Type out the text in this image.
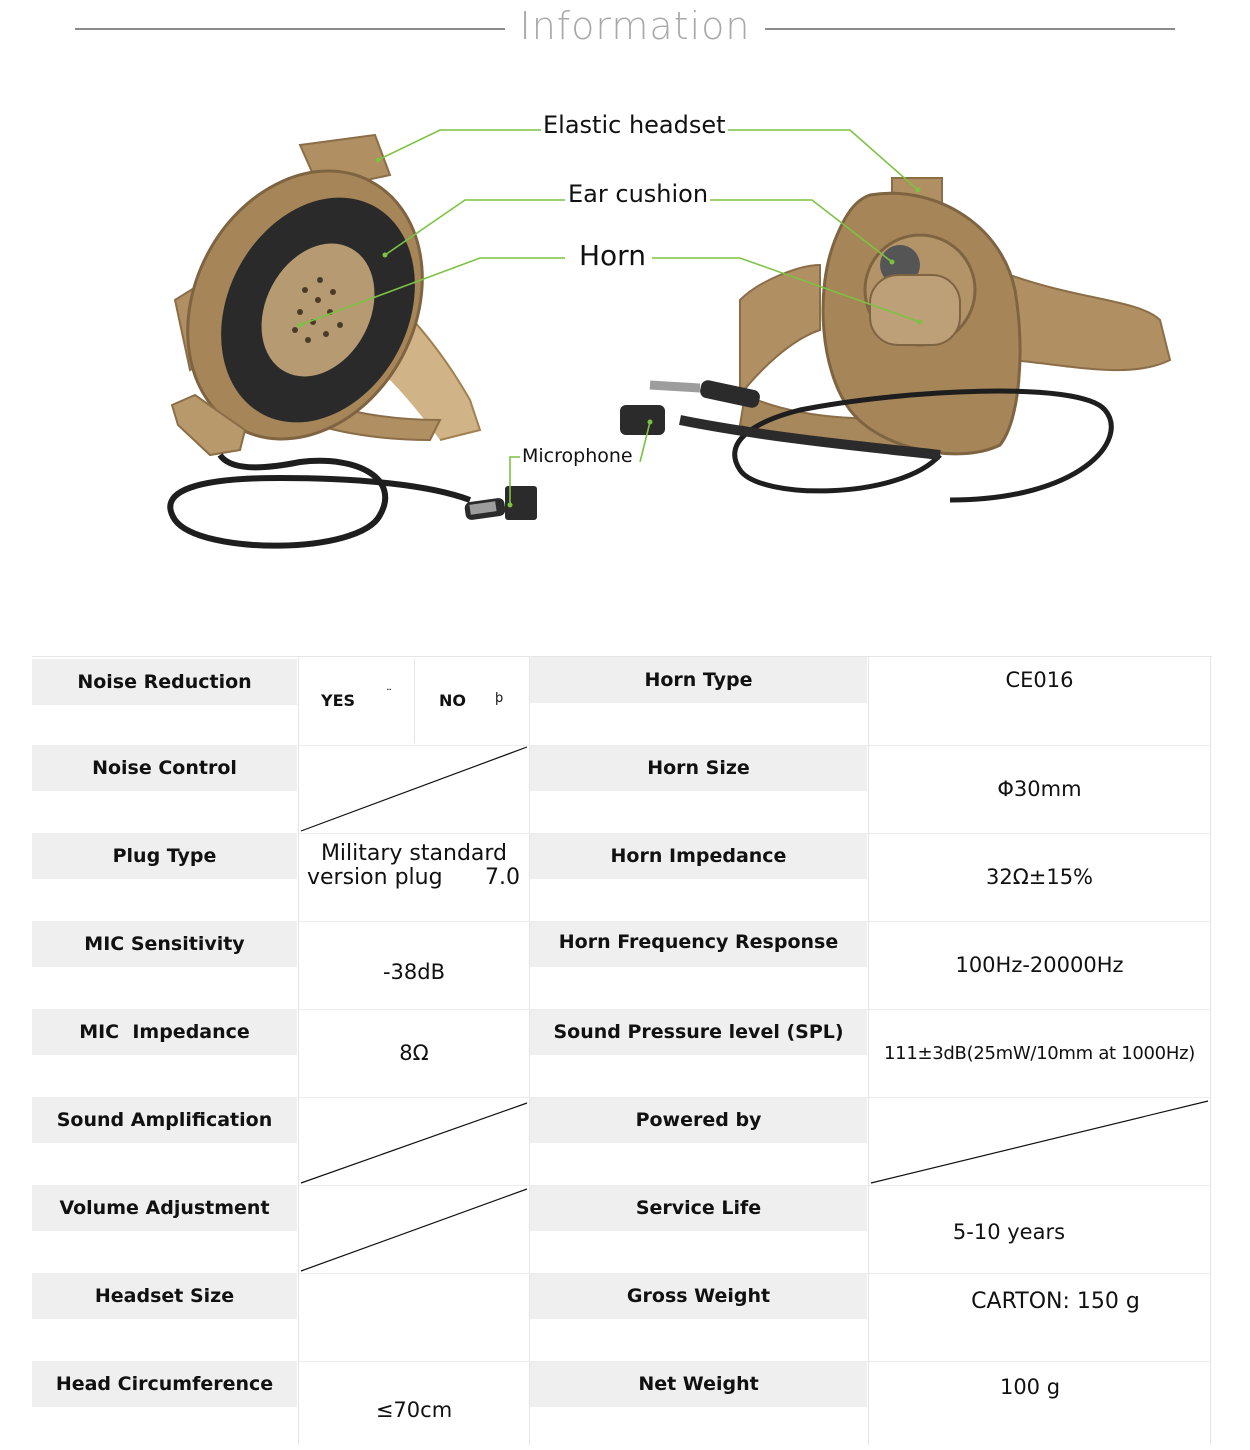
Information
Elastic headset
Ear cushion
Horn
Microphone
Noise Reduction
Noise Control
Plug Type
MIC Sensitivity
MIC  Impedance
Sound Amplification
Volume Adjustment
Headset Size
Head Circumference
YES	¨	NO þ
Military standard
version plug 7.0
-38dB
8Ω
≤70cm
Horn Type
Horn Size
Horn Impedance
Horn Frequency Response
Sound Pressure level (SPL)
Powered by
Service Life
Gross Weight
Net Weight
CE016
Φ30mm
32Ω±15%
100Hz-20000Hz
111±3dB(25mW/10mm at 1000Hz)
5-10 years
CARTON: 150 g
100 g
